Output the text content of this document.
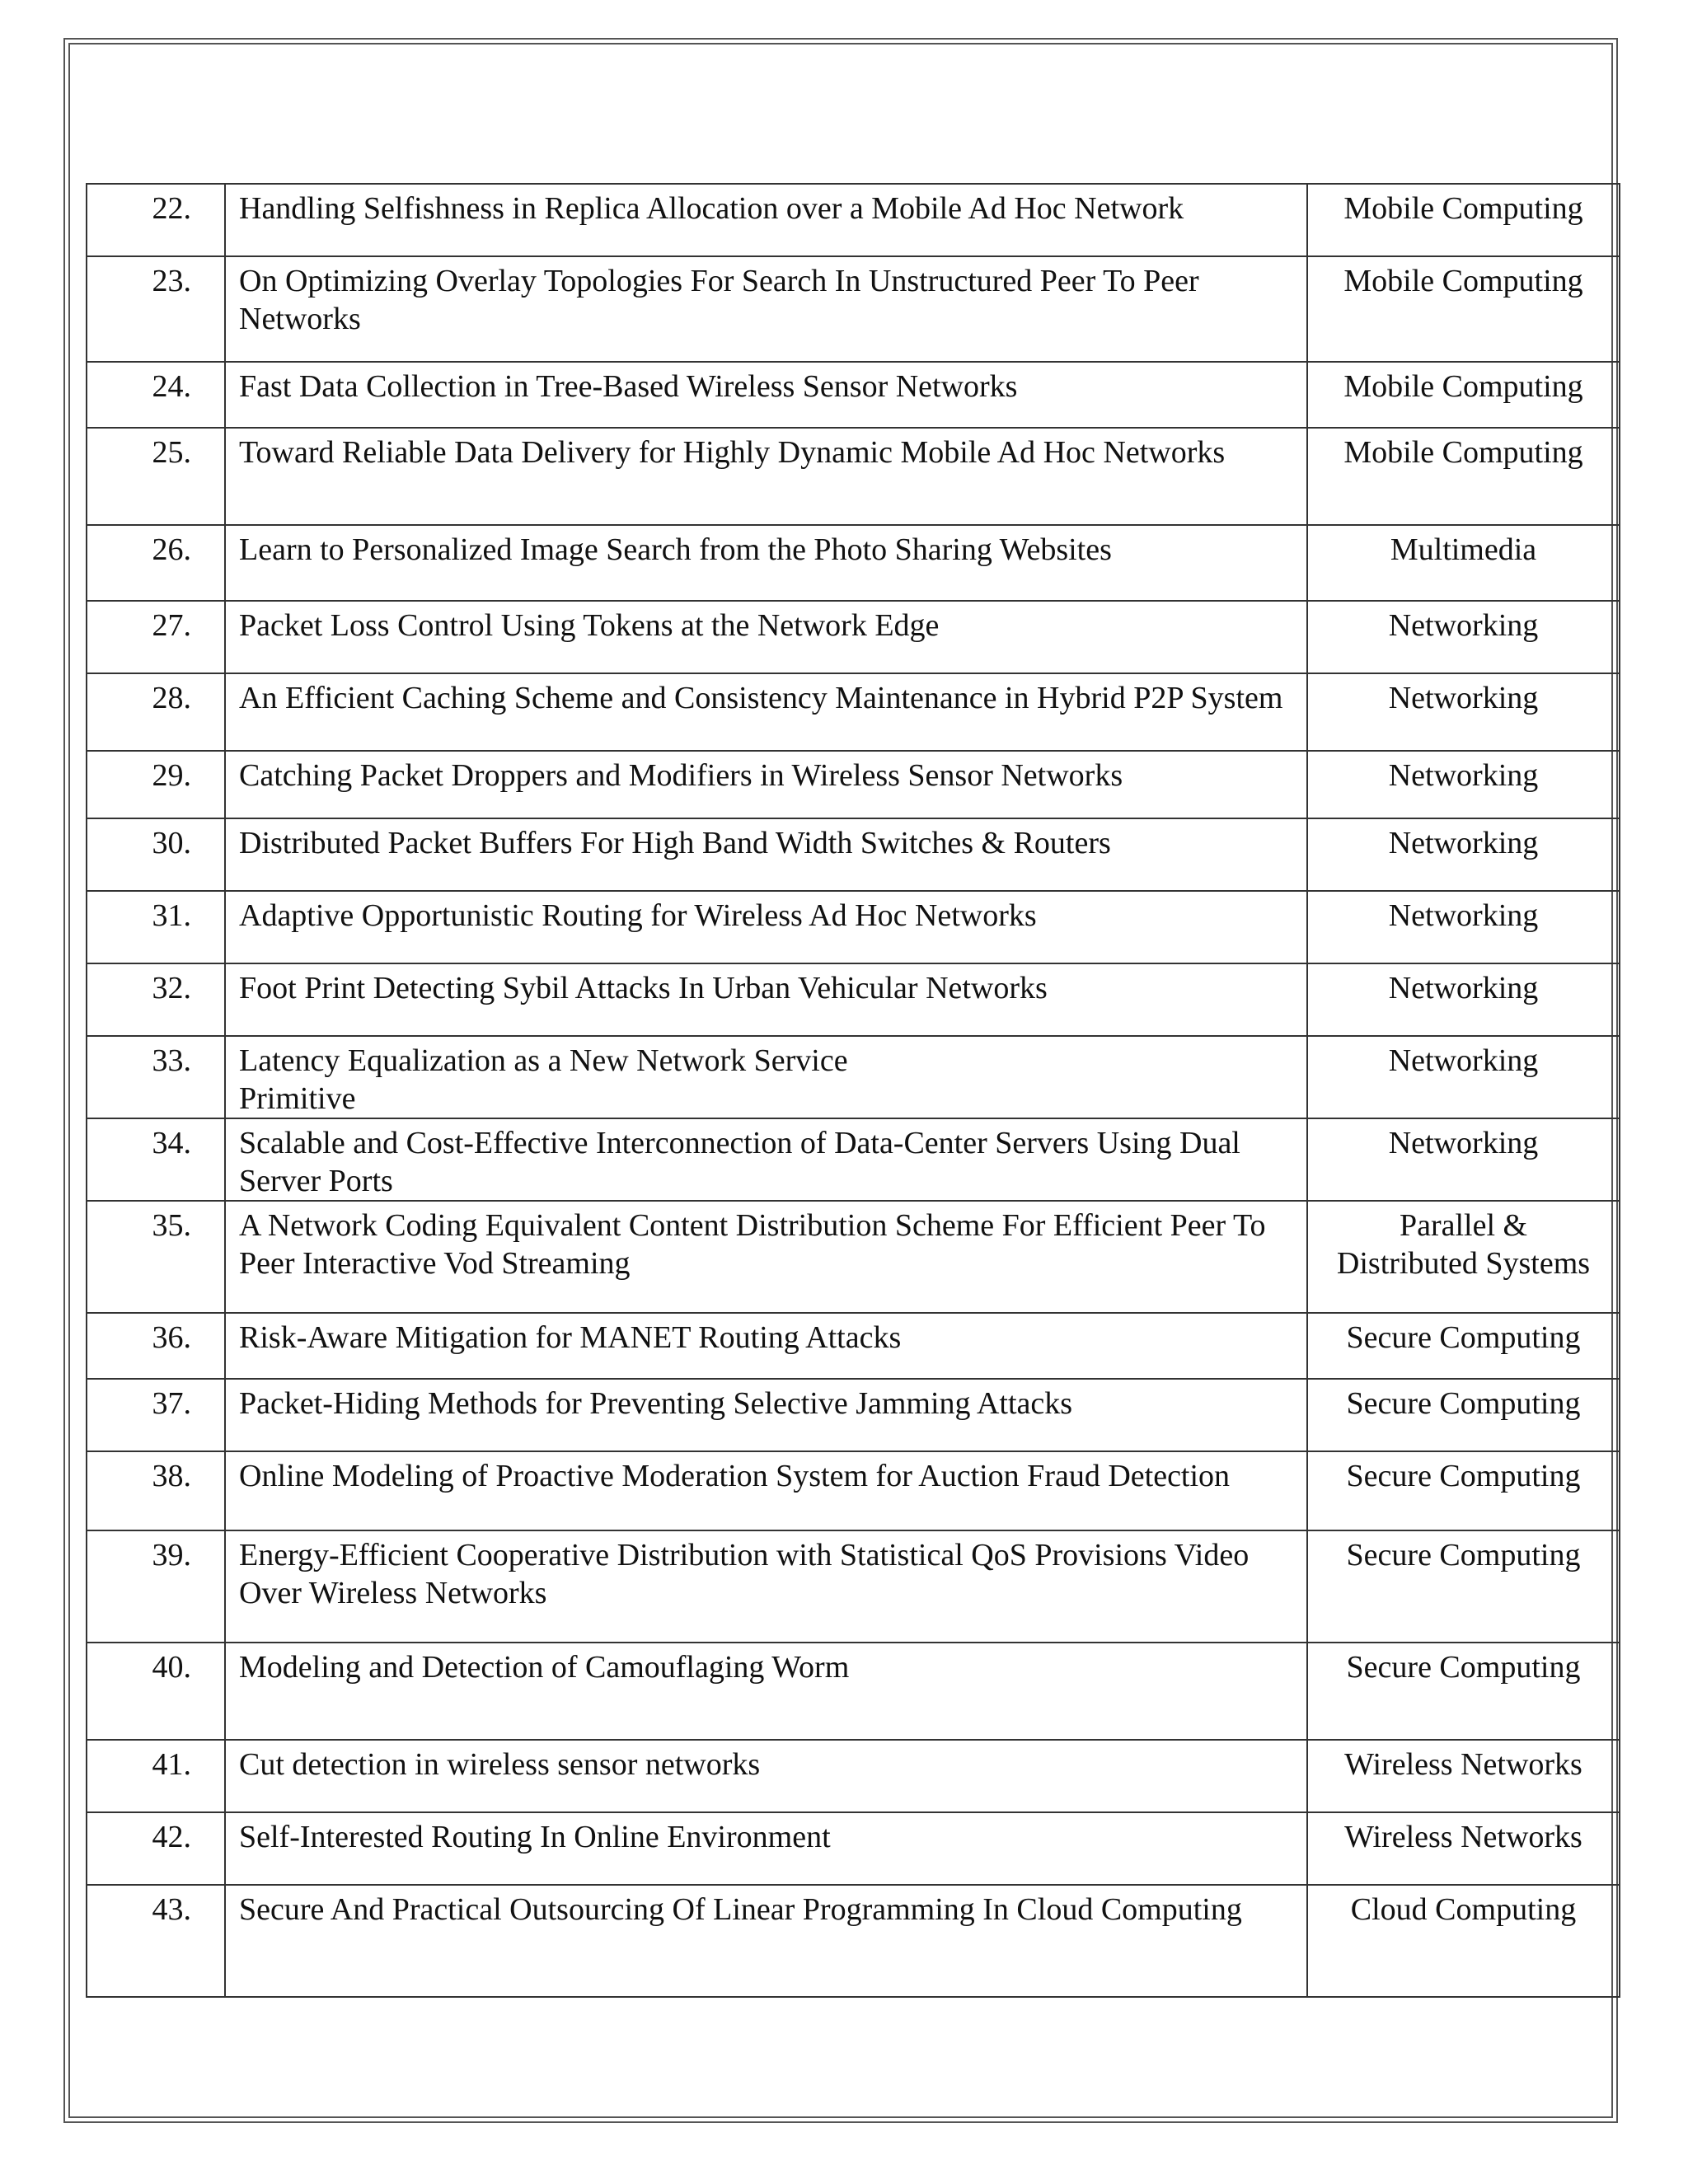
22.	Handling Selfishness in Replica Allocation over a Mobile Ad Hoc Network	Mobile Computing
23.	On Optimizing Overlay Topologies For Search In Unstructured Peer To Peer Networks	Mobile Computing
24.	Fast Data Collection in Tree-Based Wireless Sensor Networks	Mobile Computing
25.	Toward Reliable Data Delivery for Highly Dynamic Mobile Ad Hoc Networks	Mobile Computing
26.	Learn to Personalized Image Search from the Photo Sharing Websites	Multimedia
27.	Packet Loss Control Using Tokens at the Network Edge	Networking
28.	An Efficient Caching Scheme and Consistency Maintenance in Hybrid P2P System	Networking
29.	Catching Packet Droppers and Modifiers in Wireless Sensor Networks	Networking
30.	Distributed Packet Buffers For High Band Width Switches & Routers	Networking
31.	Adaptive Opportunistic Routing for Wireless Ad Hoc Networks	Networking
32.	Foot Print Detecting Sybil Attacks In Urban Vehicular Networks	Networking
33.	Latency Equalization as a New Network Service
Primitive	Networking
34.	Scalable and Cost-Effective Interconnection of Data-Center Servers Using Dual Server Ports	Networking
35.	A Network Coding Equivalent Content Distribution Scheme For Efficient Peer To Peer Interactive Vod Streaming	Parallel &
Distributed Systems
36.	Risk-Aware Mitigation for MANET Routing Attacks	Secure Computing
37.	Packet-Hiding Methods for Preventing Selective Jamming Attacks	Secure Computing
38.	Online Modeling of Proactive Moderation System for Auction Fraud Detection	Secure Computing
39.	Energy-Efficient Cooperative Distribution with Statistical QoS Provisions Video Over Wireless Networks	Secure Computing
40.	Modeling and Detection of Camouflaging Worm	Secure Computing
41.	Cut detection in wireless sensor networks	Wireless Networks
42.	Self-Interested Routing In Online Environment	Wireless Networks
43.	Secure And Practical Outsourcing Of Linear Programming In Cloud Computing	Cloud Computing
